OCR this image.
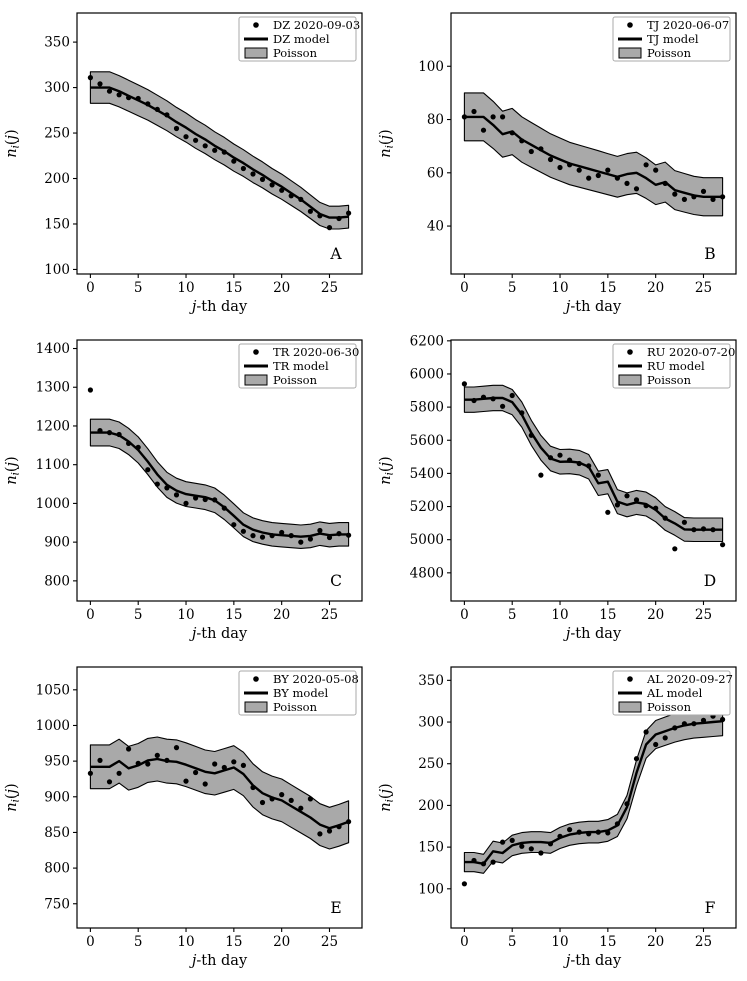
0	5	10 15 20 25
100
150
200
250
300
350
j-th day
ni(j)
DZ 2020-09-03
DZ model
Poisson
A
0	5	10 15 20 25
40
60
80
100
j-th day
ni(j)
TJ 2020-06-07
TJ model
Poisson
B
0	5	10 15 20 25
800
900
1000
1100
1200
1300
1400
j-th day
ni(j)
TR 2020-06-30
TR model
Poisson
C
0	5	10 15 20 25
4800
5000
5200
5400
5600
5800
6000
6200
j-th day
ni(j)
RU 2020-07-20
RU model
Poisson
D
0	5	10 15 20 25
750
800
850
900
950
1000
1050
j-th day
ni(j)
BY 2020-05-08
BY model
Poisson
E
0	5	10 15 20 25
100
150
200
250
300
350
j-th day
ni(j)
AL 2020-09-27
AL model
Poisson
F
